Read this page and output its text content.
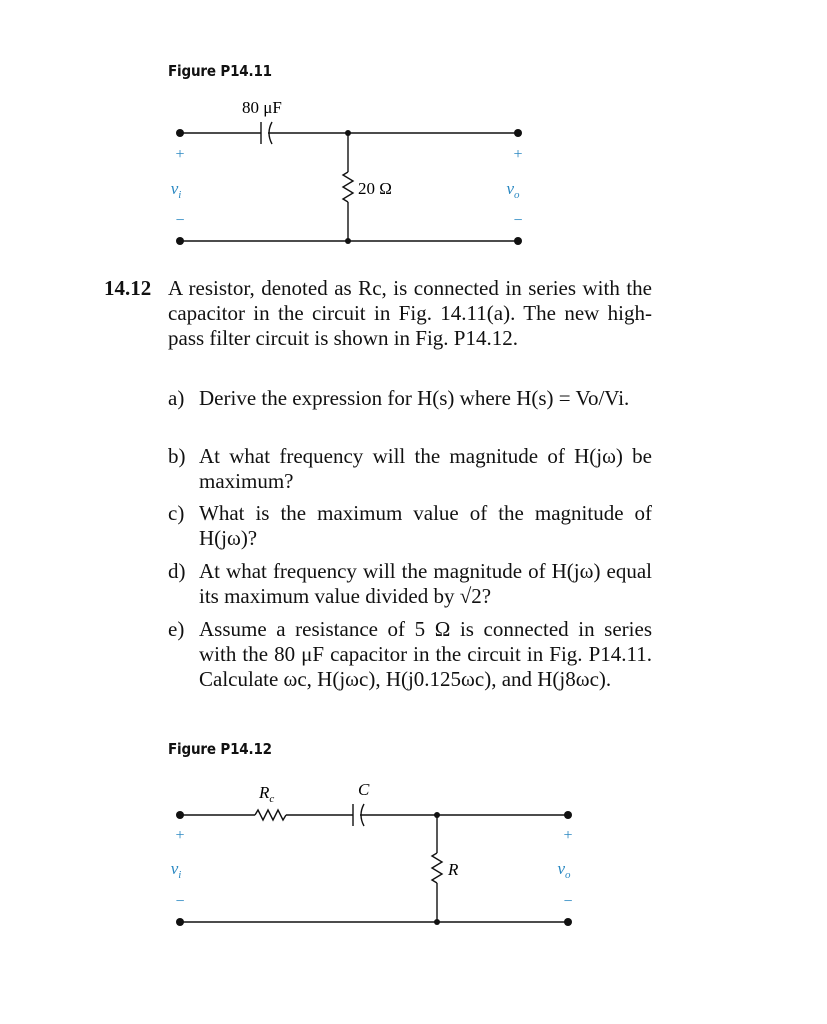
Figure P14.11
80 μF
20 Ω
+
$v_i$
−
+
$v_o$
−
14.12 A resistor, denoted as Rc, is connected in series with the capacitor in the circuit in Fig. 14.11(a). The new high-pass filter circuit is shown in Fig. P14.12.
a) Derive the expression for H(s) where H(s) = Vo/Vi.
b) At what frequency will the magnitude of H(jω) be maximum?
c) What is the maximum value of the magnitude of H(jω)?
d) At what frequency will the magnitude of H(jω) equal its maximum value divided by √2?
e) Assume a resistance of 5 Ω is connected in series with the 80 μF capacitor in the circuit in Fig. P14.11. Calculate ωc, H(jωc), H(j0.125ωc), and H(j8ωc).
Figure P14.12
$R_c$	C
R
+
$v_i$
−
+
$v_o$
−
